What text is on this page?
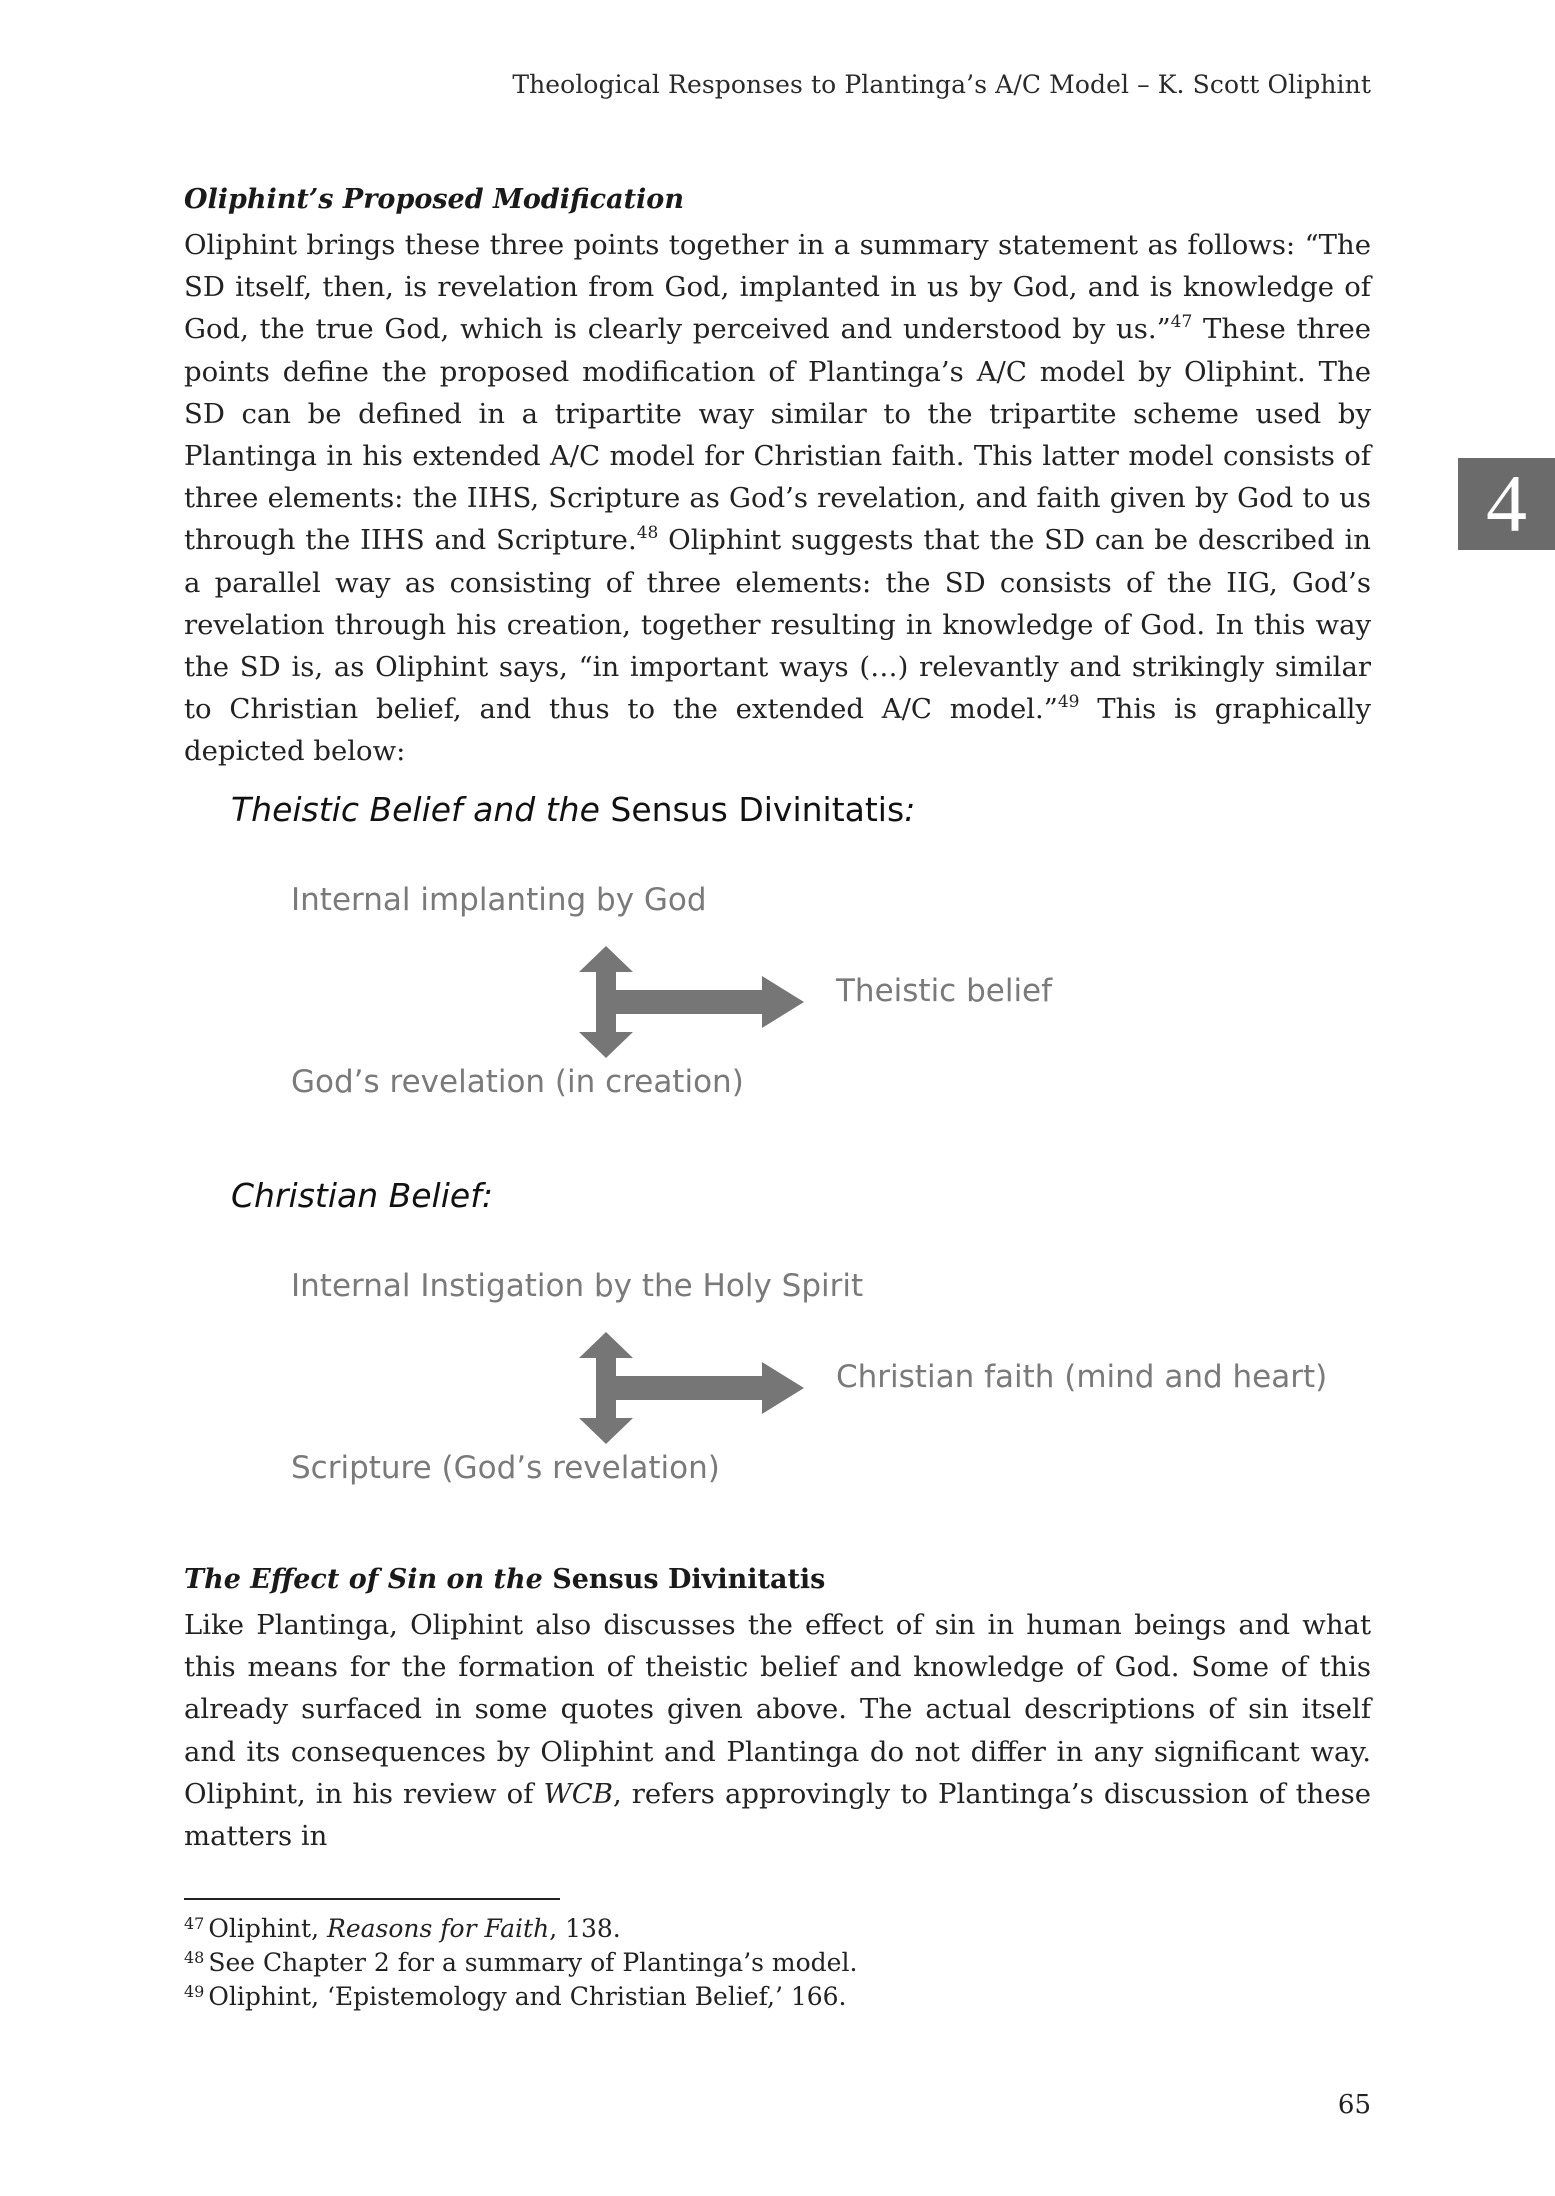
Theological Responses to Plantinga’s A/C Model – K. Scott Oliphint
4
Oliphint’s Proposed Modification
Oliphint brings these three points together in a summary statement as follows: “The SD itself, then, is revelation from God, implanted in us by God, and is knowledge of God, the true God, which is clearly perceived and understood by us.”$^{47}$ These three points define the proposed modification of Plantinga’s A/C model by Oliphint. The SD can be defined in a tripartite way similar to the tripartite scheme used by Plantinga in his extended A/C model for Christian faith. This latter model consists of three elements: the IIHS, Scripture as God’s revelation, and faith given by God to us through the IIHS and Scripture.$^{48}$ Oliphint suggests that the SD can be described in a parallel way as consisting of three elements: the SD consists of the IIG, God’s revelation through his creation, together resulting in knowledge of God. In this way the SD is, as Oliphint says, “in important ways (…) relevantly and strikingly similar to Christian belief, and thus to the extended A/C model.”$^{49}$ This is graphically depicted below:
Theistic Belief and the Sensus Divinitatis:
Internal implanting by God
God’s revelation (in creation)
Theistic belief
Christian Belief:
Internal Instigation by the Holy Spirit
Scripture (God’s revelation)
Christian faith (mind and heart)
The Effect of Sin on the Sensus Divinitatis
Like Plantinga, Oliphint also discusses the effect of sin in human beings and what this means for the formation of theistic belief and knowledge of God. Some of this already surfaced in some quotes given above. The actual descriptions of sin itself and its consequences by Oliphint and Plantinga do not differ in any significant way. Oliphint, in his review of WCB, refers approvingly to Plantinga’s discussion of these matters in
$^{47}$ Oliphint, Reasons for Faith, 138.
$^{48}$ See Chapter 2 for a summary of Plantinga’s model.
$^{49}$ Oliphint, ‘Epistemology and Christian Belief,’ 166.
65
